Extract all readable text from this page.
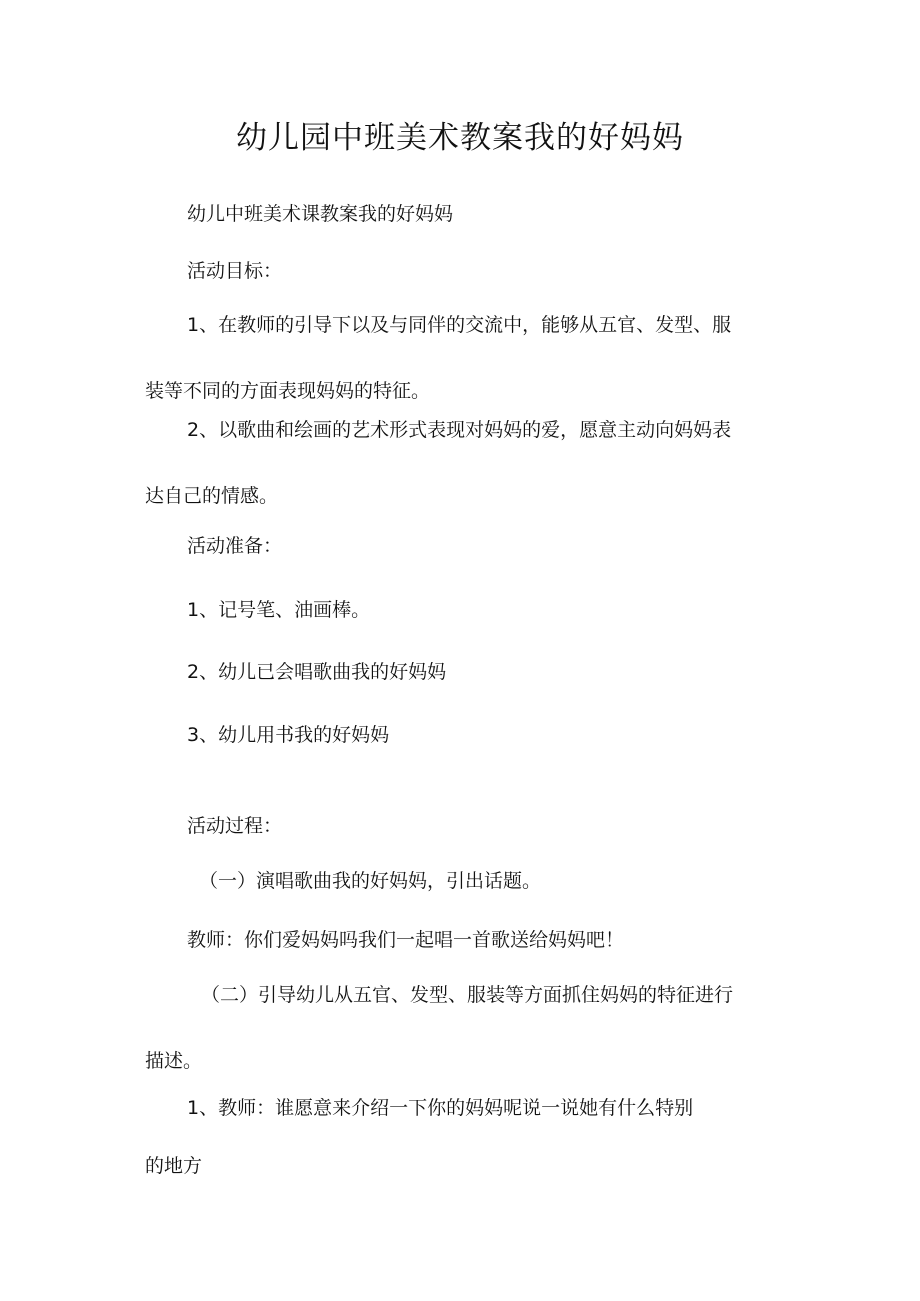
幼儿园中班美术教案我的好妈妈
幼儿中班美术课教案我的好妈妈
活动目标：
1、在教师的引导下以及与同伴的交流中，能够从五官、发型、服
装等不同的方面表现妈妈的特征。
2、以歌曲和绘画的艺术形式表现对妈妈的爱，愿意主动向妈妈表
达自己的情感。
活动准备：
1、记号笔、油画棒。
2、幼儿已会唱歌曲我的好妈妈
3、幼儿用书我的好妈妈
活动过程：
（一）演唱歌曲我的好妈妈，引出话题。
教师：你们爱妈妈吗我们一起唱一首歌送给妈妈吧！
（二）引导幼儿从五官、发型、服装等方面抓住妈妈的特征进行
描述。
1、教师：谁愿意来介绍一下你的妈妈呢说一说她有什么特别
的地方
